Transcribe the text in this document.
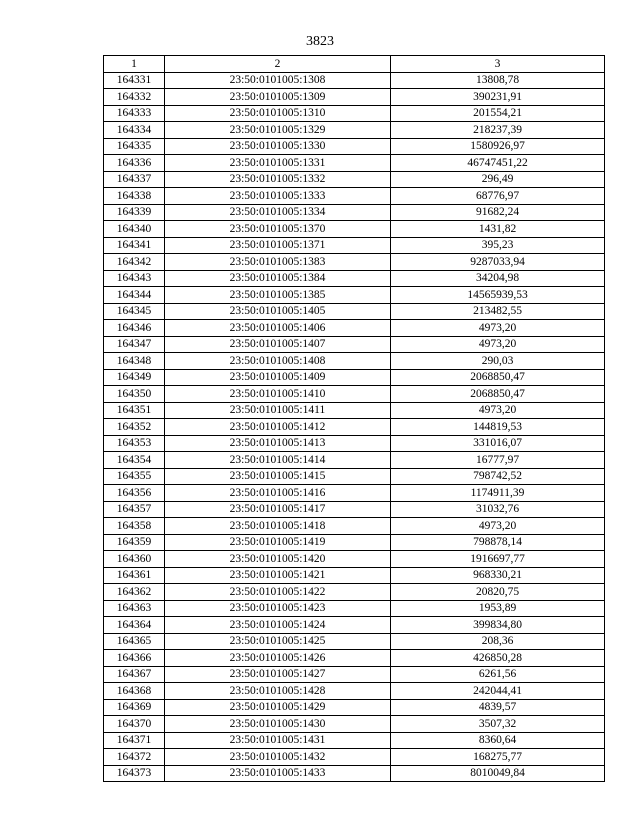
3823
1	2	3
164331	23:50:0101005:1308	13808,78
164332	23:50:0101005:1309	390231,91
164333	23:50:0101005:1310	201554,21
164334	23:50:0101005:1329	218237,39
164335	23:50:0101005:1330	1580926,97
164336	23:50:0101005:1331	46747451,22
164337	23:50:0101005:1332	296,49
164338	23:50:0101005:1333	68776,97
164339	23:50:0101005:1334	91682,24
164340	23:50:0101005:1370	1431,82
164341	23:50:0101005:1371	395,23
164342	23:50:0101005:1383	9287033,94
164343	23:50:0101005:1384	34204,98
164344	23:50:0101005:1385	14565939,53
164345	23:50:0101005:1405	213482,55
164346	23:50:0101005:1406	4973,20
164347	23:50:0101005:1407	4973,20
164348	23:50:0101005:1408	290,03
164349	23:50:0101005:1409	2068850,47
164350	23:50:0101005:1410	2068850,47
164351	23:50:0101005:1411	4973,20
164352	23:50:0101005:1412	144819,53
164353	23:50:0101005:1413	331016,07
164354	23:50:0101005:1414	16777,97
164355	23:50:0101005:1415	798742,52
164356	23:50:0101005:1416	1174911,39
164357	23:50:0101005:1417	31032,76
164358	23:50:0101005:1418	4973,20
164359	23:50:0101005:1419	798878,14
164360	23:50:0101005:1420	1916697,77
164361	23:50:0101005:1421	968330,21
164362	23:50:0101005:1422	20820,75
164363	23:50:0101005:1423	1953,89
164364	23:50:0101005:1424	399834,80
164365	23:50:0101005:1425	208,36
164366	23:50:0101005:1426	426850,28
164367	23:50:0101005:1427	6261,56
164368	23:50:0101005:1428	242044,41
164369	23:50:0101005:1429	4839,57
164370	23:50:0101005:1430	3507,32
164371	23:50:0101005:1431	8360,64
164372	23:50:0101005:1432	168275,77
164373	23:50:0101005:1433	8010049,84
